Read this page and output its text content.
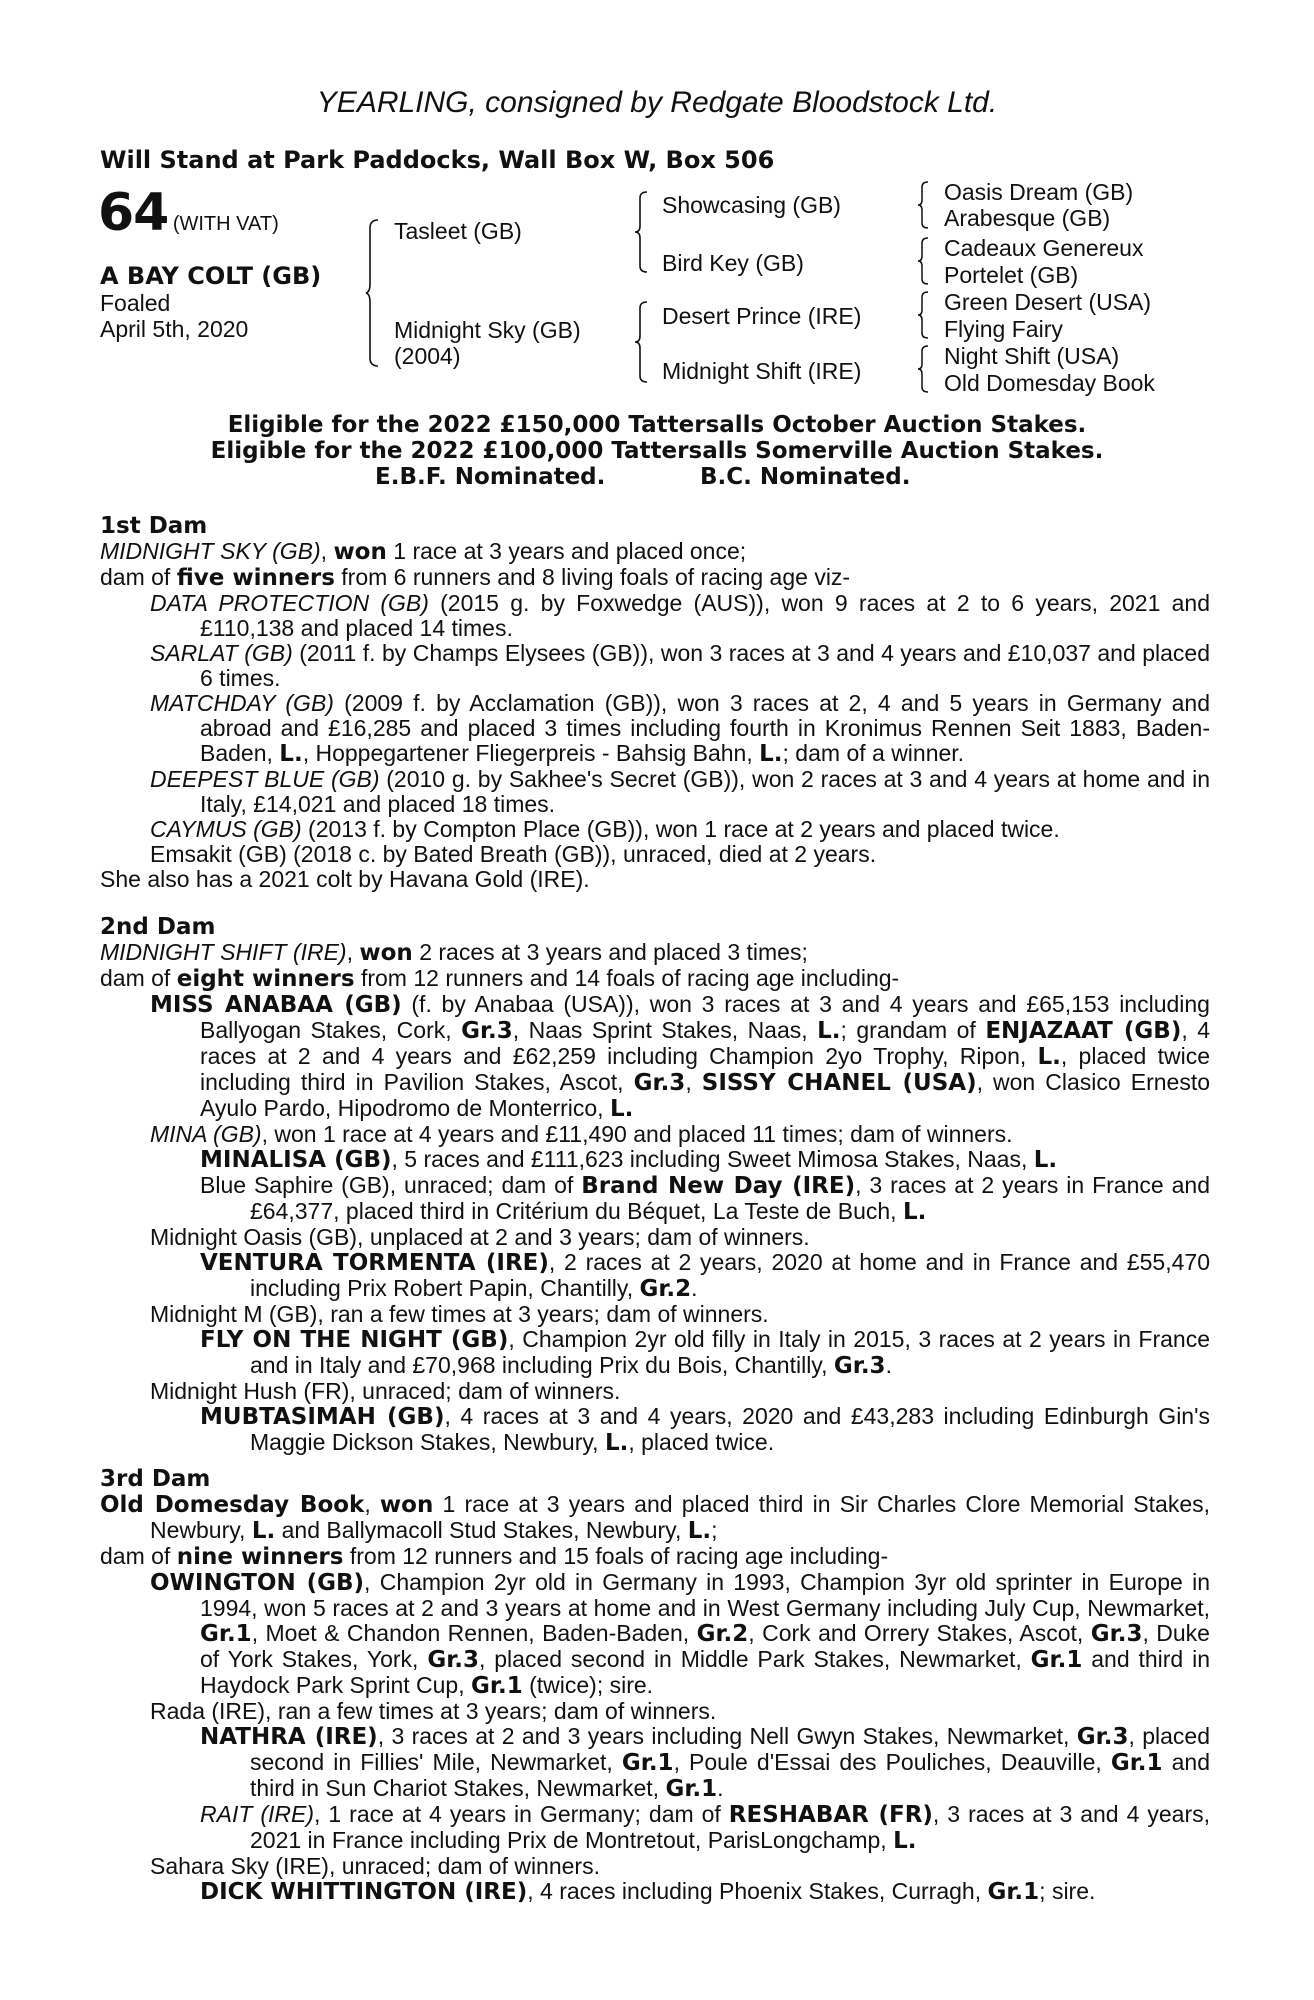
YEARLING, consigned by Redgate Bloodstock Ltd.
Will Stand at Park Paddocks, Wall Box W, Box 506
64 (WITH VAT)
A BAY COLT (GB)
Foaled
April 5th, 2020
Tasleet (GB)
Midnight Sky (GB)
(2004)
Showcasing (GB)
Bird Key (GB)
Desert Prince (IRE)
Midnight Shift (IRE)
Oasis Dream (GB)
Arabesque (GB)
Cadeaux Genereux
Portelet (GB)
Green Desert (USA)
Flying Fairy
Night Shift (USA)
Old Domesday Book
Eligible for the 2022 £150,000 Tattersalls October Auction Stakes.
Eligible for the 2022 £100,000 Tattersalls Somerville Auction Stakes.
E.B.F. Nominated.	B.C. Nominated.

1st Dam

MIDNIGHT SKY (GB), won 1 race at 3 years and placed once;

dam of five winners from 6 runners and 8 living foals of racing age viz-

DATA PROTECTION (GB) (2015 g. by Foxwedge (AUS)), won 9 races at 2 to 6 years, 2021 and £110,138 and placed 14 times.

SARLAT (GB) (2011 f. by Champs Elysees (GB)), won 3 races at 3 and 4 years and £10,037 and placed 6 times.

MATCHDAY (GB) (2009 f. by Acclamation (GB)), won 3 races at 2, 4 and 5 years in Germany and abroad and £16,285 and placed 3 times including fourth in Kronimus Rennen Seit 1883, Baden-Baden, L., Hoppegartener Fliegerpreis - Bahsig Bahn, L.; dam of a winner.

DEEPEST BLUE (GB) (2010 g. by Sakhee's Secret (GB)), won 2 races at 3 and 4 years at home and in Italy, £14,021 and placed 18 times.

CAYMUS (GB) (2013 f. by Compton Place (GB)), won 1 race at 2 years and placed twice.

Emsakit (GB) (2018 c. by Bated Breath (GB)), unraced, died at 2 years.

She also has a 2021 colt by Havana Gold (IRE).

2nd Dam

MIDNIGHT SHIFT (IRE), won 2 races at 3 years and placed 3 times;

dam of eight winners from 12 runners and 14 foals of racing age including-

MISS ANABAA (GB) (f. by Anabaa (USA)), won 3 races at 3 and 4 years and £65,153 including Ballyogan Stakes, Cork, Gr.3, Naas Sprint Stakes, Naas, L.; grandam of ENJAZAAT (GB), 4 races at 2 and 4 years and £62,259 including Champion 2yo Trophy, Ripon, L., placed twice including third in Pavilion Stakes, Ascot, Gr.3, SISSY CHANEL (USA), won Clasico Ernesto Ayulo Pardo, Hipodromo de Monterrico, L.

MINA (GB), won 1 race at 4 years and £11,490 and placed 11 times; dam of winners.

MINALISA (GB), 5 races and £111,623 including Sweet Mimosa Stakes, Naas, L.

Blue Saphire (GB), unraced; dam of Brand New Day (IRE), 3 races at 2 years in France and £64,377, placed third in Critérium du Béquet, La Teste de Buch, L.

Midnight Oasis (GB), unplaced at 2 and 3 years; dam of winners.

VENTURA TORMENTA (IRE), 2 races at 2 years, 2020 at home and in France and £55,470 including Prix Robert Papin, Chantilly, Gr.2.

Midnight M (GB), ran a few times at 3 years; dam of winners.

FLY ON THE NIGHT (GB), Champion 2yr old filly in Italy in 2015, 3 races at 2 years in France and in Italy and £70,968 including Prix du Bois, Chantilly, Gr.3.

Midnight Hush (FR), unraced; dam of winners.

MUBTASIMAH (GB), 4 races at 3 and 4 years, 2020 and £43,283 including Edinburgh Gin's Maggie Dickson Stakes, Newbury, L., placed twice.

3rd Dam

Old Domesday Book, won 1 race at 3 years and placed third in Sir Charles Clore Memorial Stakes, Newbury, L. and Ballymacoll Stud Stakes, Newbury, L.;

dam of nine winners from 12 runners and 15 foals of racing age including-

OWINGTON (GB), Champion 2yr old in Germany in 1993, Champion 3yr old sprinter in Europe in 1994, won 5 races at 2 and 3 years at home and in West Germany including July Cup, Newmarket, Gr.1, Moet & Chandon Rennen, Baden-Baden, Gr.2, Cork and Orrery Stakes, Ascot, Gr.3, Duke of York Stakes, York, Gr.3, placed second in Middle Park Stakes, Newmarket, Gr.1 and third in Haydock Park Sprint Cup, Gr.1 (twice); sire.

Rada (IRE), ran a few times at 3 years; dam of winners.

NATHRA (IRE), 3 races at 2 and 3 years including Nell Gwyn Stakes, Newmarket, Gr.3, placed second in Fillies' Mile, Newmarket, Gr.1, Poule d'Essai des Pouliches, Deauville, Gr.1 and third in Sun Chariot Stakes, Newmarket, Gr.1.

RAIT (IRE), 1 race at 4 years in Germany; dam of RESHABAR (FR), 3 races at 3 and 4 years, 2021 in France including Prix de Montretout, ParisLongchamp, L.

Sahara Sky (IRE), unraced; dam of winners.

DICK WHITTINGTON (IRE), 4 races including Phoenix Stakes, Curragh, Gr.1; sire.
